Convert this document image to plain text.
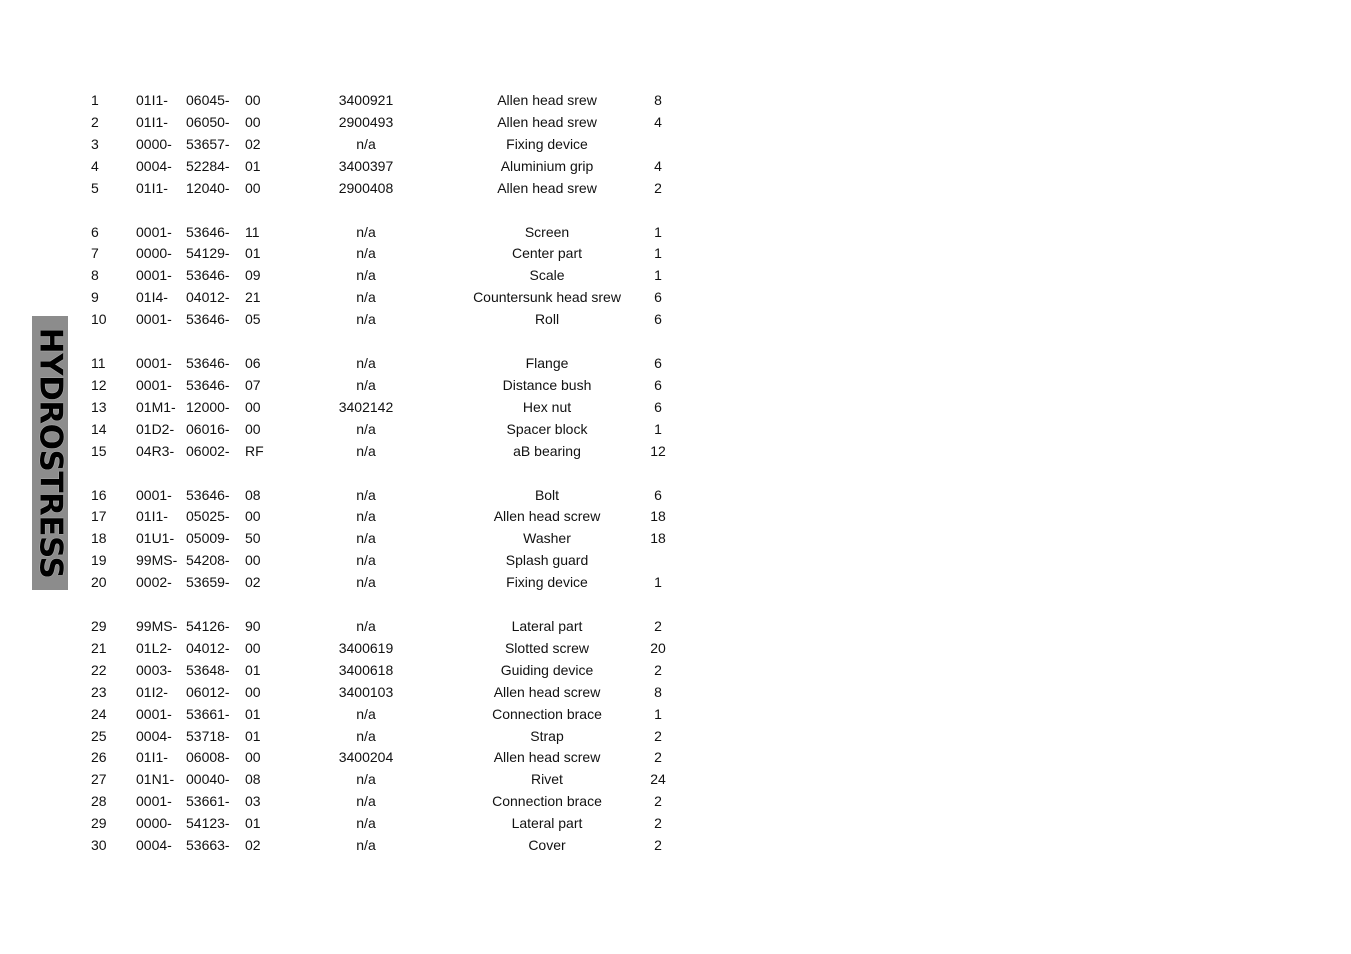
HYDROSTRESS
1	01I1- 06045- 00	3400921	Allen head srew	8
2	01I1- 06050- 00	2900493	Allen head srew	4
3	0000- 53657- 02	n/a	Fixing device
4	0004- 52284- 01	3400397	Aluminium grip	4
5	01I1- 12040- 00	2900408	Allen head srew	2
6	0001- 53646- 11	n/a	Screen	1
7	0000- 54129- 01	n/a	Center part	1
8	0001- 53646- 09	n/a	Scale	1
9	01I4- 04012- 21	n/a	Countersunk head srew	6
10 0001- 53646- 05	n/a	Roll	6
11 0001- 53646- 06	n/a	Flange	6
12 0001- 53646- 07	n/a	Distance bush	6
13 01M1- 12000- 00	3402142	Hex nut	6
14 01D2- 06016- 00	n/a	Spacer block	1
15 04R3- 06002- RF	n/a	aB bearing	12
16 0001- 53646- 08	n/a	Bolt	6
17 01I1- 05025- 00	n/a	Allen head screw	18
18 01U1- 05009- 50	n/a	Washer	18
19 99MS- 54208- 00	n/a	Splash guard
20 0002- 53659- 02	n/a	Fixing device	1
29 99MS- 54126- 90	n/a	Lateral part	2
21 01L2- 04012- 00	3400619	Slotted screw	20
22 0003- 53648- 01	3400618	Guiding device	2
23 01I2- 06012- 00	3400103	Allen head screw	8
24 0001- 53661- 01	n/a	Connection brace	1
25 0004- 53718- 01	n/a	Strap	2
26 01I1- 06008- 00	3400204	Allen head screw	2
27 01N1- 00040- 08	n/a	Rivet	24
28 0001- 53661- 03	n/a	Connection brace	2
29 0000- 54123- 01	n/a	Lateral part	2
30 0004- 53663- 02	n/a	Cover	2
